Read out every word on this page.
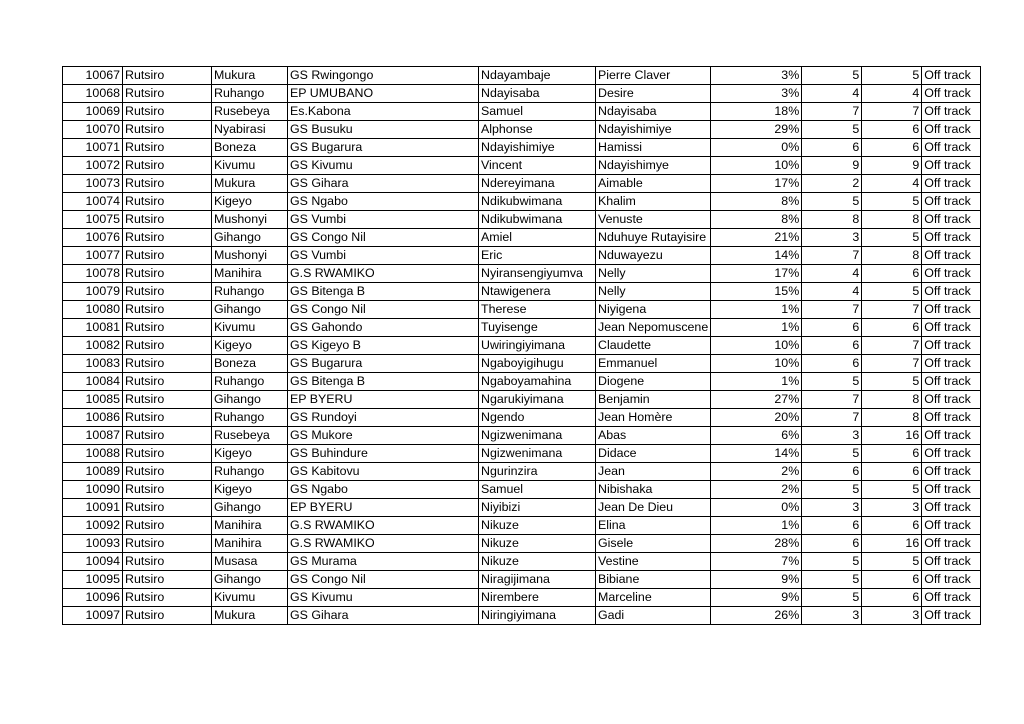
10067	Rutsiro	Mukura	GS Rwingongo	Ndayambaje	Pierre Claver	3%	5	5	Off track
10068	Rutsiro	Ruhango	EP UMUBANO	Ndayisaba	Desire	3%	4	4	Off track
10069	Rutsiro	Rusebeya	Es.Kabona	Samuel	Ndayisaba	18%	7	7	Off track
10070	Rutsiro	Nyabirasi	GS Busuku	Alphonse	Ndayishimiye	29%	5	6	Off track
10071	Rutsiro	Boneza	GS Bugarura	Ndayishimiye	Hamissi	0%	6	6	Off track
10072	Rutsiro	Kivumu	GS Kivumu	Vincent	Ndayishimye	10%	9	9	Off track
10073	Rutsiro	Mukura	GS Gihara	Ndereyimana	Aimable	17%	2	4	Off track
10074	Rutsiro	Kigeyo	GS Ngabo	Ndikubwimana	Khalim	8%	5	5	Off track
10075	Rutsiro	Mushonyi	GS Vumbi	Ndikubwimana	Venuste	8%	8	8	Off track
10076	Rutsiro	Gihango	GS Congo Nil	Amiel	Nduhuye Rutayisire	21%	3	5	Off track
10077	Rutsiro	Mushonyi	GS Vumbi	Eric	Nduwayezu	14%	7	8	Off track
10078	Rutsiro	Manihira	G.S RWAMIKO	Nyiransengiyumva	Nelly	17%	4	6	Off track
10079	Rutsiro	Ruhango	GS Bitenga B	Ntawigenera	Nelly	15%	4	5	Off track
10080	Rutsiro	Gihango	GS Congo Nil	Therese	Niyigena	1%	7	7	Off track
10081	Rutsiro	Kivumu	GS Gahondo	Tuyisenge	Jean Nepomuscene	1%	6	6	Off track
10082	Rutsiro	Kigeyo	GS Kigeyo B	Uwiringiyimana	Claudette	10%	6	7	Off track
10083	Rutsiro	Boneza	GS Bugarura	Ngaboyigihugu	Emmanuel	10%	6	7	Off track
10084	Rutsiro	Ruhango	GS Bitenga B	Ngaboyamahina	Diogene	1%	5	5	Off track
10085	Rutsiro	Gihango	EP BYERU	Ngarukiyimana	Benjamin	27%	7	8	Off track
10086	Rutsiro	Ruhango	GS Rundoyi	Ngendo	Jean Homère	20%	7	8	Off track
10087	Rutsiro	Rusebeya	GS Mukore	Ngizwenimana	Abas	6%	3	16	Off track
10088	Rutsiro	Kigeyo	GS Buhindure	Ngizwenimana	Didace	14%	5	6	Off track
10089	Rutsiro	Ruhango	GS Kabitovu	Ngurinzira	Jean	2%	6	6	Off track
10090	Rutsiro	Kigeyo	GS Ngabo	Samuel	Nibishaka	2%	5	5	Off track
10091	Rutsiro	Gihango	EP BYERU	Niyibizi	Jean De Dieu	0%	3	3	Off track
10092	Rutsiro	Manihira	G.S RWAMIKO	Nikuze	Elina	1%	6	6	Off track
10093	Rutsiro	Manihira	G.S RWAMIKO	Nikuze	Gisele	28%	6	16	Off track
10094	Rutsiro	Musasa	GS Murama	Nikuze	Vestine	7%	5	5	Off track
10095	Rutsiro	Gihango	GS Congo Nil	Niragijimana	Bibiane	9%	5	6	Off track
10096	Rutsiro	Kivumu	GS Kivumu	Nirembere	Marceline	9%	5	6	Off track
10097	Rutsiro	Mukura	GS Gihara	Niringiyimana	Gadi	26%	3	3	Off track
